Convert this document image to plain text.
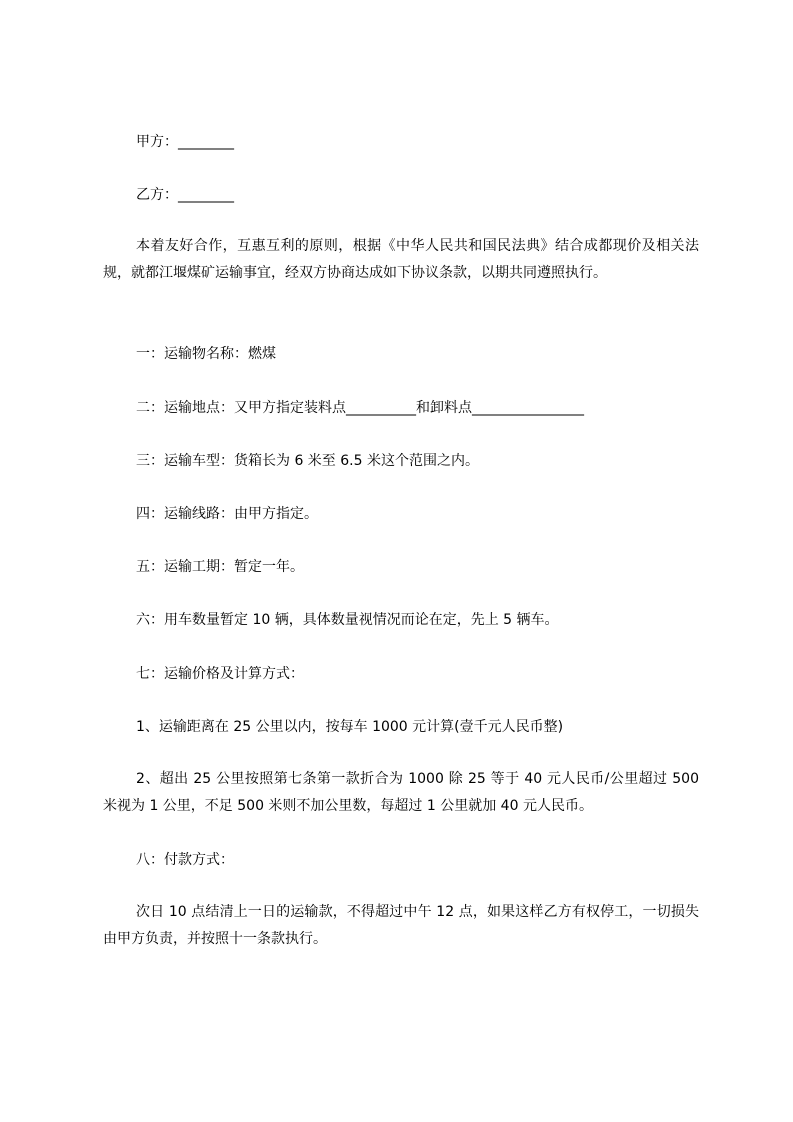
甲方：________
乙方：________
本着友好合作，互惠互利的原则，根据《中华人民共和国民法典》结合成都现价及相关法规，就都江堰煤矿运输事宜，经双方协商达成如下协议条款，以期共同遵照执行。
一：运输物名称：燃煤
二：运输地点：又甲方指定装料点__________和卸料点________________
三：运输车型：货箱长为 6 米至 6.5 米这个范围之内。
四：运输线路：由甲方指定。
五：运输工期：暂定一年。
六：用车数量暂定 10 辆，具体数量视情况而论在定，先上 5 辆车。
七：运输价格及计算方式：
1、运输距离在 25 公里以内，按每车 1000 元计算(壹千元人民币整)
2、超出 25 公里按照第七条第一款折合为 1000 除 25 等于 40 元人民币/公里超过 500 米视为 1 公里，不足 500 米则不加公里数，每超过 1 公里就加 40 元人民币。
八：付款方式：
次日 10 点结清上一日的运输款，不得超过中午 12 点，如果这样乙方有权停工，一切损失由甲方负责，并按照十一条款执行。
